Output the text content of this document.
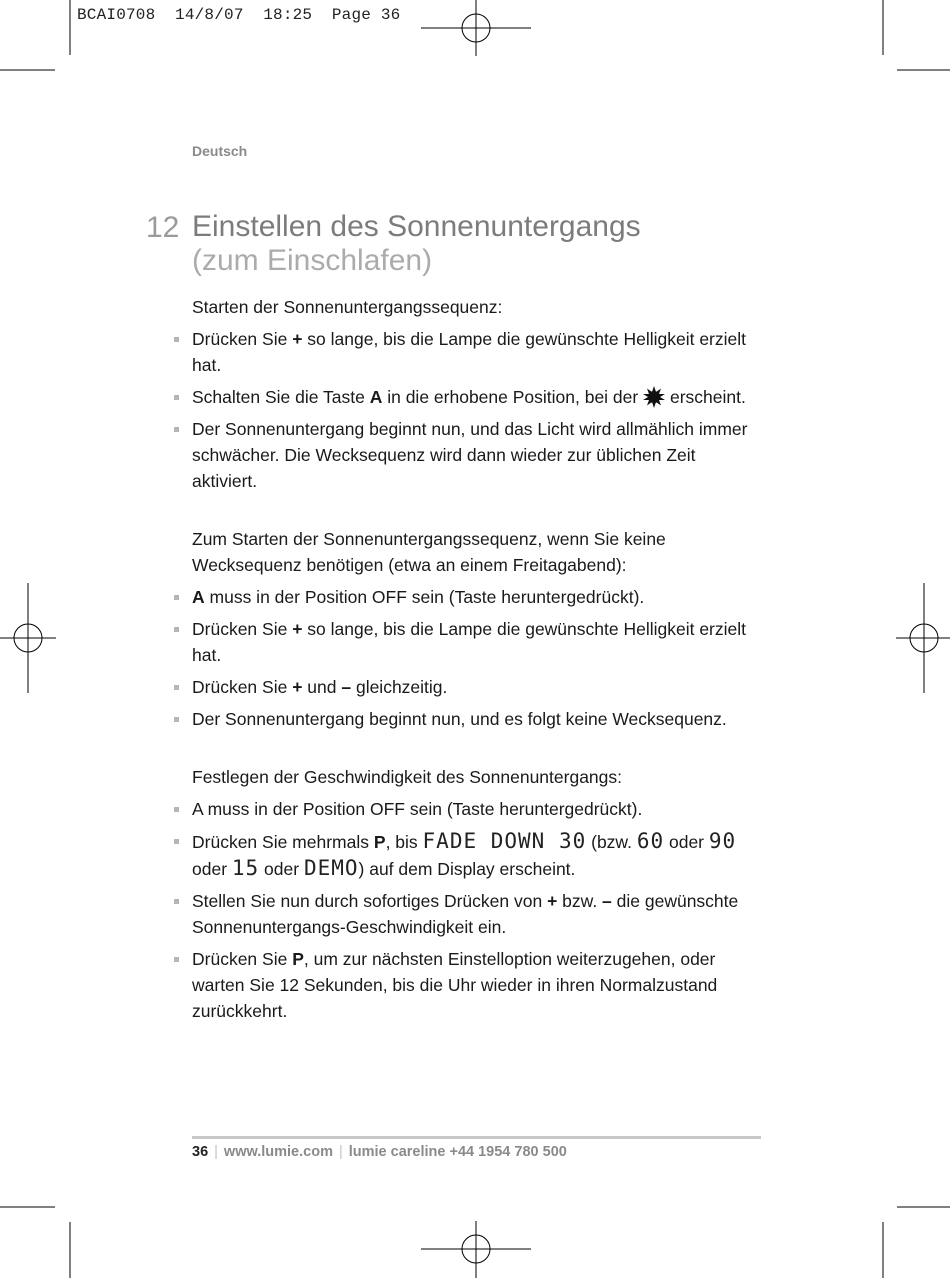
BCAI0708  14/8/07  18:25  Page 36
Deutsch
12 Einstellen des Sonnenuntergangs
(zum Einschlafen)

Starten der Sonnenuntergangssequenz:

Drücken Sie + so lange, bis die Lampe die gewünschte Helligkeit erzielt hat.
Schalten Sie die Taste A in die erhobene Position, bei der  erscheint.
Der Sonnenuntergang beginnt nun, und das Licht wird allmählich immer schwächer. Die Wecksequenz wird dann wieder zur üblichen Zeit aktiviert.

Zum Starten der Sonnenuntergangssequenz, wenn Sie keine Wecksequenz benötigen (etwa an einem Freitagabend):

A muss in der Position OFF sein (Taste heruntergedrückt).
Drücken Sie + so lange, bis die Lampe die gewünschte Helligkeit erzielt hat.
Drücken Sie + und – gleichzeitig.
Der Sonnenuntergang beginnt nun, und es folgt keine Wecksequenz.

Festlegen der Geschwindigkeit des Sonnenuntergangs:

A muss in der Position OFF sein (Taste heruntergedrückt).
Drücken Sie mehrmals P, bis FADE DOWN 30 (bzw. 60 oder 90 oder 15 oder DEMO) auf dem Display erscheint.
Stellen Sie nun durch sofortiges Drücken von + bzw. – die gewünschte Sonnenuntergangs-Geschwindigkeit ein.
Drücken Sie P, um zur nächsten Einstelloption weiterzugehen, oder warten Sie 12 Sekunden, bis die Uhr wieder in ihren Normalzustand zurückkehrt.
36 | www.lumie.com | lumie careline +44 1954 780 500
